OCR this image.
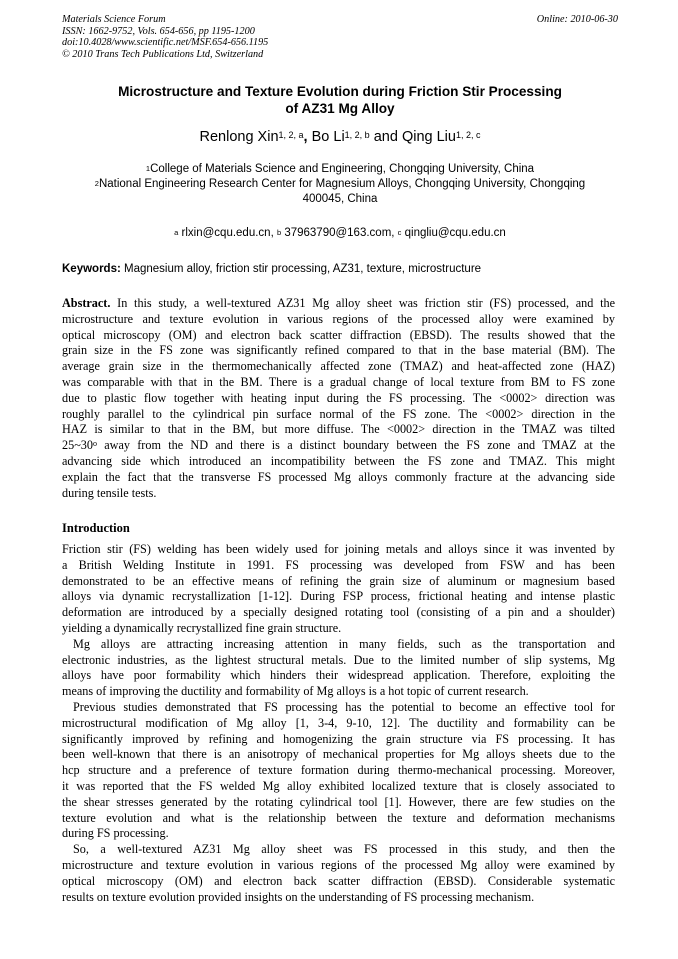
Materials Science Forum
ISSN: 1662-9752, Vols. 654-656, pp 1195-1200
doi:10.4028/www.scientific.net/MSF.654-656.1195
© 2010 Trans Tech Publications Ltd, Switzerland
Online: 2010-06-30
Microstructure and Texture Evolution during Friction Stir Processing
of AZ31 Mg Alloy
Renlong Xin$^{1, 2, a}$, Bo Li$^{1, 2, b}$ and Qing Liu$^{1, 2, c}$
$^1$College of Materials Science and Engineering, Chongqing University, China
$^2$National Engineering Research Center for Magnesium Alloys, Chongqing University, Chongqing
400045, China
$^a$ rlxin@cqu.edu.cn, $^b$ 37963790@163.com, $^c$ qingliu@cqu.edu.cn
Keywords: Magnesium alloy, friction stir processing, AZ31, texture, microstructure
Abstract. In this study, a well-textured AZ31 Mg alloy sheet was friction stir (FS) processed, and the
microstructure and texture evolution in various regions of the processed alloy were examined by
optical microscopy (OM) and electron back scatter diffraction (EBSD). The results showed that the
grain size in the FS zone was significantly refined compared to that in the base material (BM). The
average grain size in the thermomechanically affected zone (TMAZ) and heat-affected zone (HAZ)
was comparable with that in the BM. There is a gradual change of local texture from BM to FS zone
due to plastic flow together with heating input during the FS processing. The <0002> direction was
roughly parallel to the cylindrical pin surface normal of the FS zone. The <0002> direction in the
HAZ is similar to that in the BM, but more diffuse. The <0002> direction in the TMAZ was tilted
25~30$^o$ away from the ND and there is a distinct boundary between the FS zone and TMAZ at the
advancing side which introduced an incompatibility between the FS zone and TMAZ. This might
explain the fact that the transverse FS processed Mg alloys commonly fracture at the advancing side
during tensile tests.
Introduction
Friction stir (FS) welding has been widely used for joining metals and alloys since it was invented by
a British Welding Institute in 1991. FS processing was developed from FSW and has been
demonstrated to be an effective means of refining the grain size of aluminum or magnesium based
alloys via dynamic recrystallization [1-12]. During FSP process, frictional heating and intense plastic
deformation are introduced by a specially designed rotating tool (consisting of a pin and a shoulder)
yielding a dynamically recrystallized fine grain structure.
Mg alloys are attracting increasing attention in many fields, such as the transportation and
electronic industries, as the lightest structural metals. Due to the limited number of slip systems, Mg
alloys have poor formability which hinders their widespread application. Therefore, exploiting the
means of improving the ductility and formability of Mg alloys is a hot topic of current research.
Previous studies demonstrated that FS processing has the potential to become an effective tool for
microstructural modification of Mg alloy [1, 3-4, 9-10, 12]. The ductility and formability can be
significantly improved by refining and homogenizing the grain structure via FS processing. It has
been well-known that there is an anisotropy of mechanical properties for Mg alloys sheets due to the
hcp structure and a preference of texture formation during thermo-mechanical processing. Moreover,
it was reported that the FS welded Mg alloy exhibited localized texture that is closely associated to
the shear stresses generated by the rotating cylindrical tool [1]. However, there are few studies on the
texture evolution and what is the relationship between the texture and deformation mechanisms
during FS processing.
So, a well-textured AZ31 Mg alloy sheet was FS processed in this study, and then the
microstructure and texture evolution in various regions of the processed Mg alloy were examined by
optical microscopy (OM) and electron back scatter diffraction (EBSD). Considerable systematic
results on texture evolution provided insights on the understanding of FS processing mechanism.
